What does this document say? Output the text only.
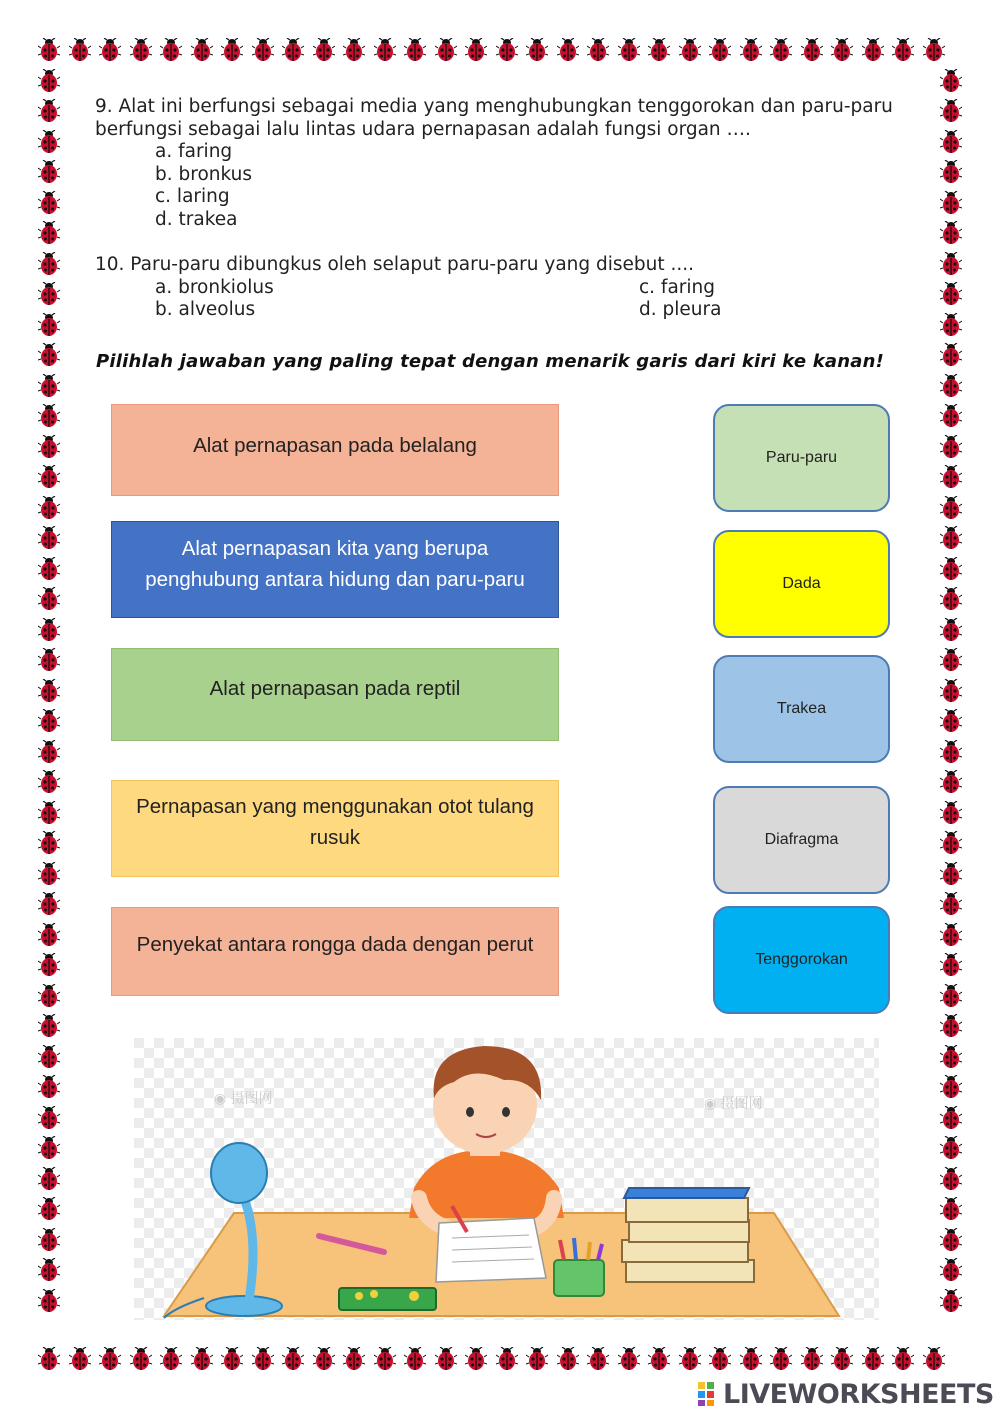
9. Alat ini berfungsi sebagai media yang menghubungkan tenggorokan dan paru-paru
berfungsi sebagai lalu lintas udara pernapasan adalah fungsi organ ….
a. faring
b. bronkus
c. laring
d. trakea
10. Paru-paru dibungkus oleh selaput paru-paru yang disebut ....
a. bronkiolus
b. alveolus
c. faring
d. pleura
Pilihlah jawaban yang paling tepat dengan menarik garis dari kiri ke kanan!
Alat pernapasan pada belalang
Alat pernapasan kita yang berupa penghubung antara hidung dan paru-paru
Alat pernapasan pada reptil
Pernapasan yang menggunakan otot tulang rusuk
Penyekat antara rongga dada dengan perut
Paru-paru
Dada
Trakea
Diafragma
Tenggorokan
◉ 摄图网	◉ 摄图网
LIVEWORKSHEETS
